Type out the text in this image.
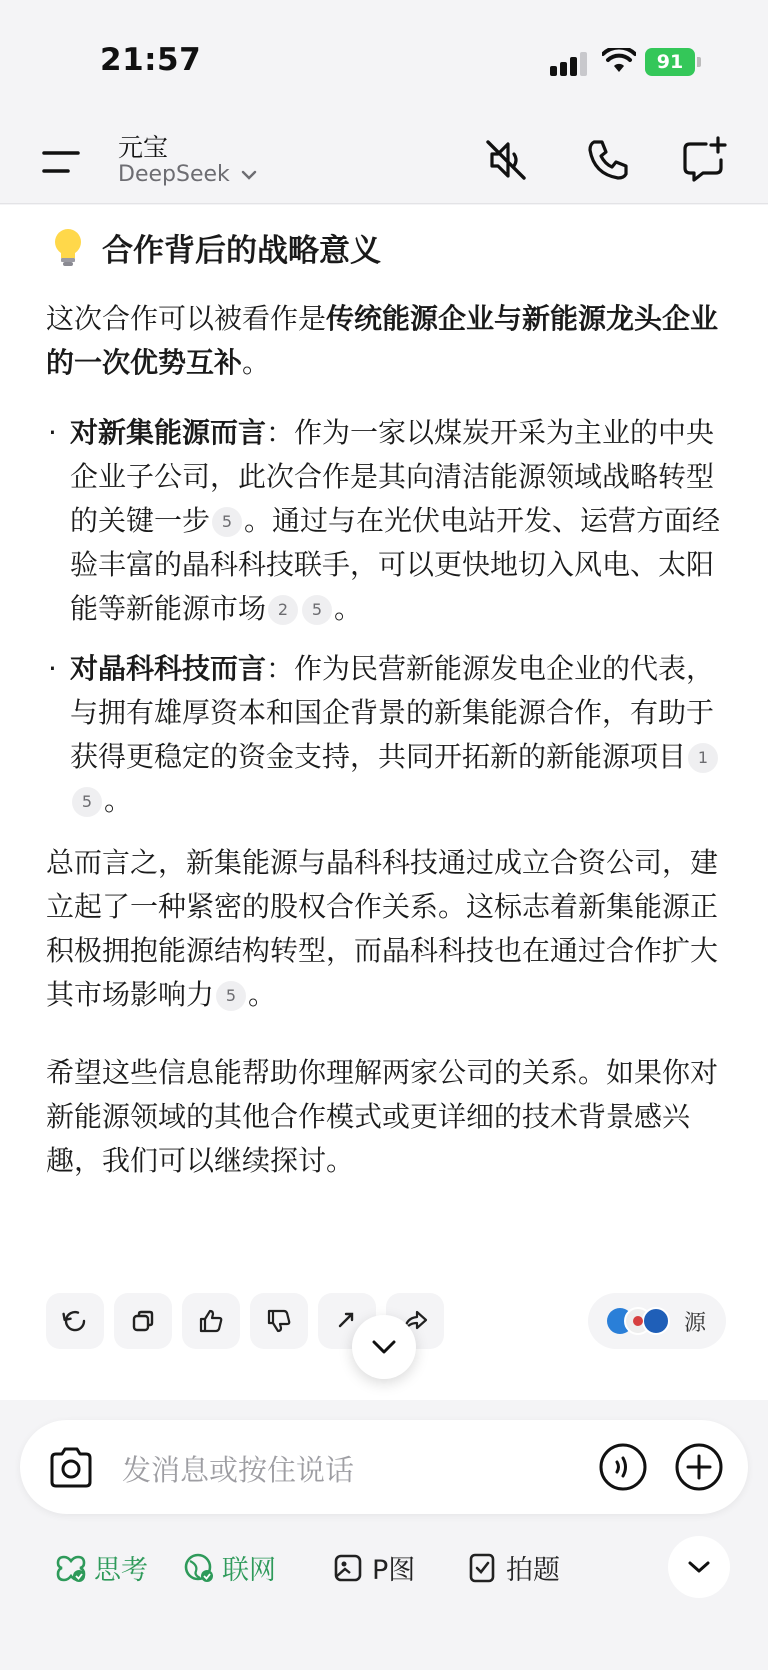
21:57	91
元宝
DeepSeek
合作背后的战略意义
这次合作可以被看作是传统能源企业与新能源龙头企业的一次优势互补。
· 对新集能源而言：作为一家以煤炭开采为主业的中央企业子公司，此次合作是其向清洁能源领域战略转型的关键一步 5 。通过与在光伏电站开发、运营方面经验丰富的晶科科技联手，可以更快地切入风电、太阳能等新能源市场 2 5 。
· 对晶科科技而言：作为民营新能源发电企业的代表，与拥有雄厚资本和国企背景的新集能源合作，有助于获得更稳定的资金支持，共同开拓新的新能源项目 15 。
总而言之，新集能源与晶科科技通过成立合资公司，建立起了一种紧密的股权合作关系。这标志着新集能源正积极拥抱能源结构转型，而晶科科技也在通过合作扩大其市场影响力 5 。
希望这些信息能帮助你理解两家公司的关系。如果你对新能源领域的其他合作模式或更详细的技术背景感兴趣，我们可以继续探讨。
源
发消息或按住说话
思考	联网	P图	拍题
